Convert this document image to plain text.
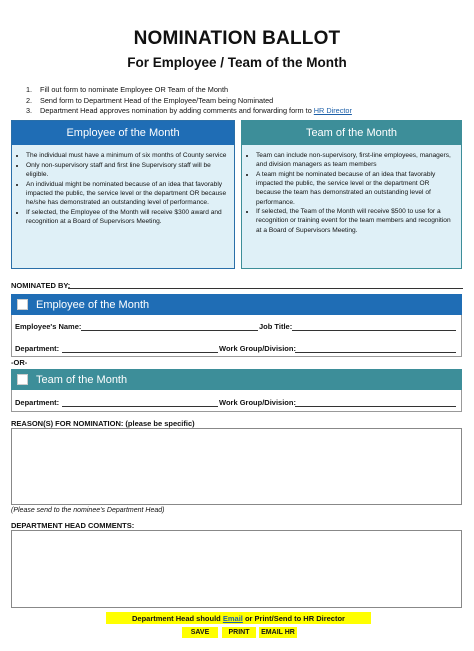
NOMINATION BALLOT
For Employee / Team of the Month
1. Fill out form to nominate Employee OR Team of the Month
2. Send form to Department Head of the Employee/Team being Nominated
3. Department Head approves nomination by adding comments and forwarding form to HR Director
Employee of the Month
• The individual must have a minimum of six months of County service
• Only non-supervisory staff and first line Supervisory staff will be eligible.
• An individual might be nominated because of an idea that favorably impacted the public, the service level or the department OR because he/she has demonstrated an outstanding level of performance.
• If selected, the Employee of the Month will receive $300 award and recognition at a Board of Supervisors Meeting.
Team of the Month
• Team can include non-supervisory, first-line employees, managers, and division managers as team members
• A team might be nominated because of an idea that favorably impacted the public, the service level or the department OR because the team has demonstrated an outstanding level of performance.
• If selected, the Team of the Month will receive $500 to use for a recognition or training event for the team members and recognition at a Board of Supervisors Meeting.
NOMINATED BY:
Employee of the Month
Employee's Name:	Job Title:
Department:	Work Group/Division:
-OR-
Team of the Month
Department:	Work Group/Division:
REASON(S) FOR NOMINATION: (please be specific)
(Please send to the nominee's Department Head)
DEPARTMENT HEAD COMMENTS:
Department Head should
Email
or Print/Send to HR Director
SAVE	PRINT	EMAIL HR
